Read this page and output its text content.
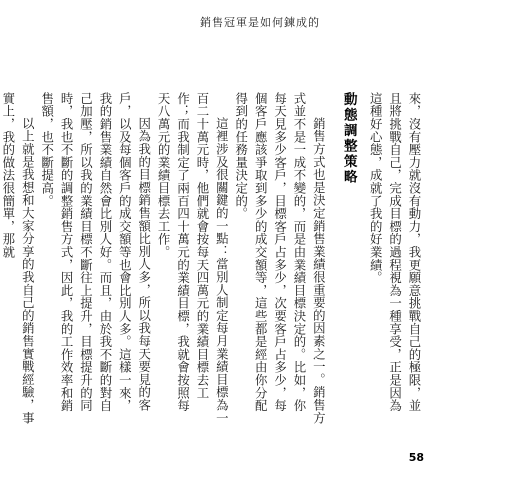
銷售冠軍是如何鍊成的

來，沒有壓力就沒有動力，我更願意挑戰自己的極限，並且將挑戰自己，完成目標的過程視為一種享受，正是因為這種好心態，成就了我的好業績。

動態調整策略

銷售方式也是決定銷售業績很重要的因素之一。銷售方式並不是一成不變的，而是由業績目標決定的。比如，你每天見多少客戶，目標客戶占多少，次要客戶占多少，每個客戶應該爭取到多少的成交額等，這些都是經由你分配得到的任務量決定的。

這裡涉及很關鍵的一點：當別人制定每月業績目標為一百二十萬元時，他們就會按每天四萬元的業績目標去工作；而我制定了兩百四十萬元的業績目標，我就會按照每天八萬元的業績目標去工作。

因為我的目標銷售額比別人多，所以我每天要見的客戶，以及每個客戶的成交額等也會比別人多。這樣一來，我的銷售業績自然會比別人好。而且，由於我不斷的對自己加壓，所以我的業績目標不斷往上提升，目標提升的同時，我也不斷的調整銷售方式，因此，我的工作效率和銷售額，也不斷提高。

以上就是我想和大家分享的我自己的銷售實戰經驗，事實上，我的做法很簡單，那就

58
